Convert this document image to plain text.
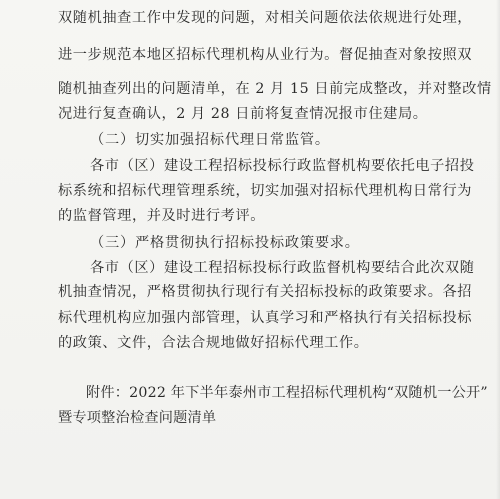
双随机抽查工作中发现的问题，对相关问题依法依规进行处理，
进一步规范本地区招标代理机构从业行为。督促抽查对象按照双
随机抽查列出的问题清单，在 2 月 15 日前完成整改，并对整改情
况进行复查确认，2 月 28 日前将复查情况报市住建局。
（二）切实加强招标代理日常监管。
各市（区）建设工程招标投标行政监督机构要依托电子招投
标系统和招标代理管理系统，切实加强对招标代理机构日常行为
的监督管理，并及时进行考评。
（三）严格贯彻执行招标投标政策要求。
各市（区）建设工程招标投标行政监督机构要结合此次双随
机抽查情况，严格贯彻执行现行有关招标投标的政策要求。各招
标代理机构应加强内部管理，认真学习和严格执行有关招标投标
的政策、文件，合法合规地做好招标代理工作。
附件：2022 年下半年泰州市工程招标代理机构“双随机一公开”
暨专项整治检查问题清单
